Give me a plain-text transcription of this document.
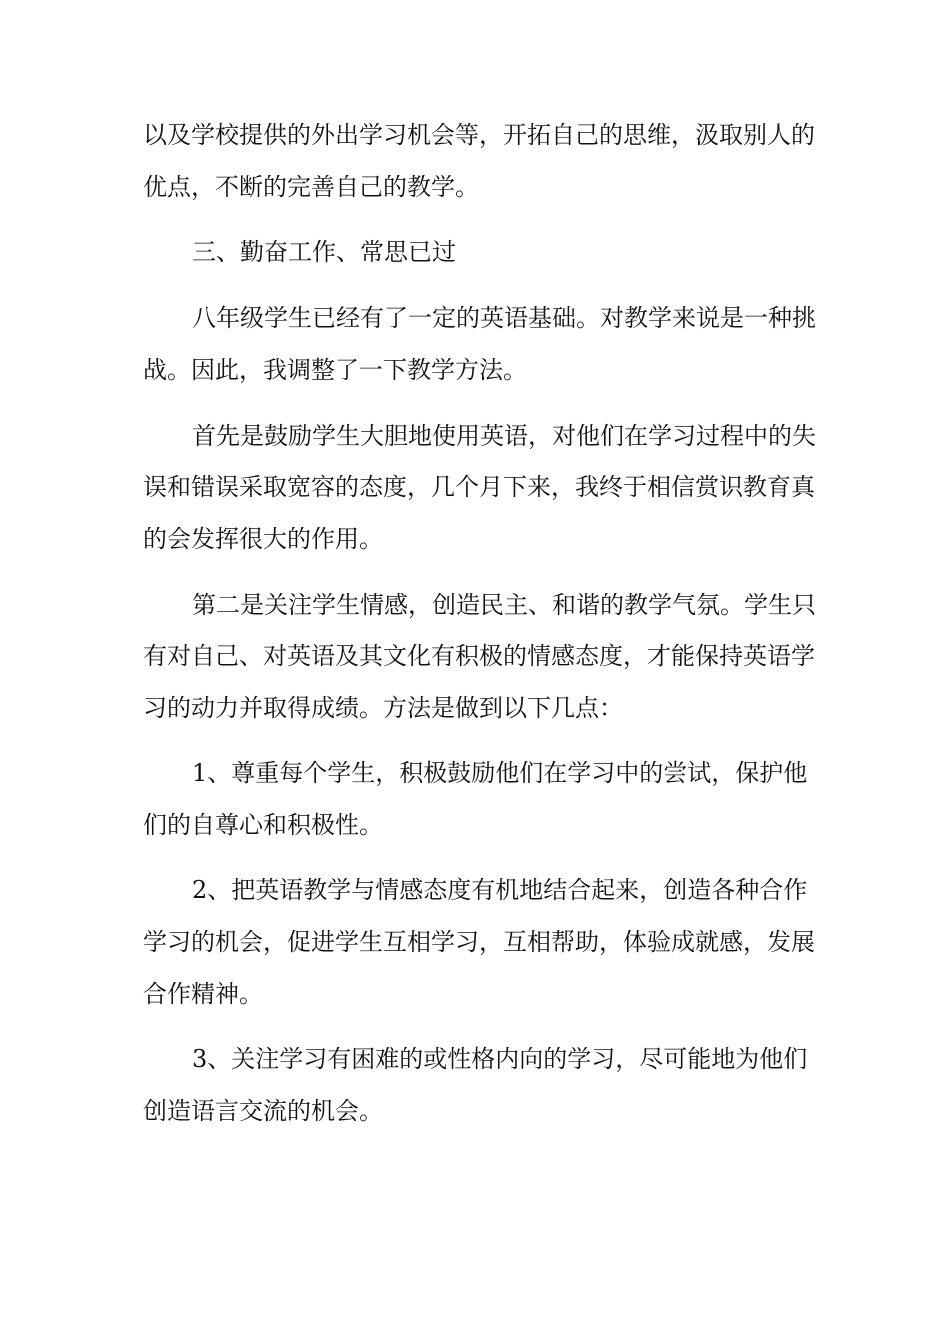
以及学校提供的外出学习机会等，开拓自己的思维，汲取别人的

优点，不断的完善自己的教学。

三、勤奋工作、常思已过

八年级学生已经有了一定的英语基础。对教学来说是一种挑

战。因此，我调整了一下教学方法。

首先是鼓励学生大胆地使用英语，对他们在学习过程中的失

误和错误采取宽容的态度，几个月下来，我终于相信赏识教育真

的会发挥很大的作用。

第二是关注学生情感，创造民主、和谐的教学气氛。学生只

有对自己、对英语及其文化有积极的情感态度，才能保持英语学

习的动力并取得成绩。方法是做到以下几点：

1、尊重每个学生，积极鼓励他们在学习中的尝试，保护他

们的自尊心和积极性。

2、把英语教学与情感态度有机地结合起来，创造各种合作

学习的机会，促进学生互相学习，互相帮助，体验成就感，发展

合作精神。

3、关注学习有困难的或性格内向的学习，尽可能地为他们

创造语言交流的机会。
